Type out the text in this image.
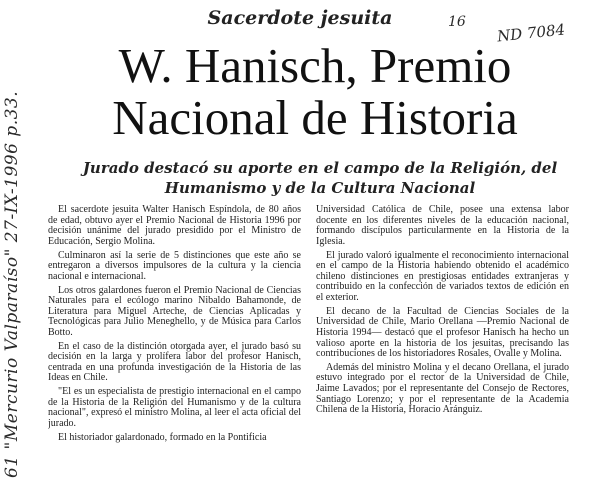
61 "Mercurio Valparaíso" 27-IX-1996 p.33.
16 ND 7084
Sacerdote jesuita
W. Hanisch, Premio
Nacional de Historia
Jurado destacó su aporte en el campo de la Religión, del
Humanismo y de la Cultura Nacional

El sacerdote jesuita Walter Hanisch Espíndola, de 80 años de edad, obtuvo ayer el Premio Nacional de Historia 1996 por decisión unánime del jurado presidido por el Ministro de Educación, Sergio Molina.

Culminaron así la serie de 5 distinciones que este año se entregaron a diversos impulsores de la cultura y la ciencia nacional e internacional.

Los otros galardones fueron el Premio Nacional de Ciencias Naturales para el ecólogo marino Nibaldo Bahamonde, de Literatura para Miguel Arteche, de Ciencias Aplicadas y Tecnológicas para Julio Meneghello, y de Música para Carlos Botto.

En el caso de la distinción otorgada ayer, el jurado basó su decisión en la larga y prolífera labor del profesor Hanisch, centrada en una profunda investigación de la Historia de las Ideas en Chile.

"El es un especialista de prestigio internacional en el campo de la Historia de la Religión del Humanismo y de la cultura nacional", expresó el ministro Molina, al leer el acta oficial del jurado.

El historiador galardonado, formado en la Pontificia

Universidad Católica de Chile, posee una extensa labor docente en los diferentes niveles de la educación nacional, formando discípulos particularmente en la Historia de la Iglesia.

El jurado valoró igualmente el reconocimiento internacional en el campo de la Historia habiendo obtenido el académico chileno distinciones en prestigiosas entidades extranjeras y contribuido en la confección de variados textos de edición en el exterior.

El decano de la Facultad de Ciencias Sociales de la Universidad de Chile, Mario Orellana —Premio Nacional de Historia 1994— destacó que el profesor Hanisch ha hecho un valioso aporte en la historia de los jesuitas, precisando las contribuciones de los historiadores Rosales, Ovalle y Molina.

Además del ministro Molina y el decano Orellana, el jurado estuvo integrado por el rector de la Universidad de Chile, Jaime Lavados; por el representante del Consejo de Rectores, Santiago Lorenzo; y por el representante de la Academia Chilena de la Historia, Horacio Aránguiz.
